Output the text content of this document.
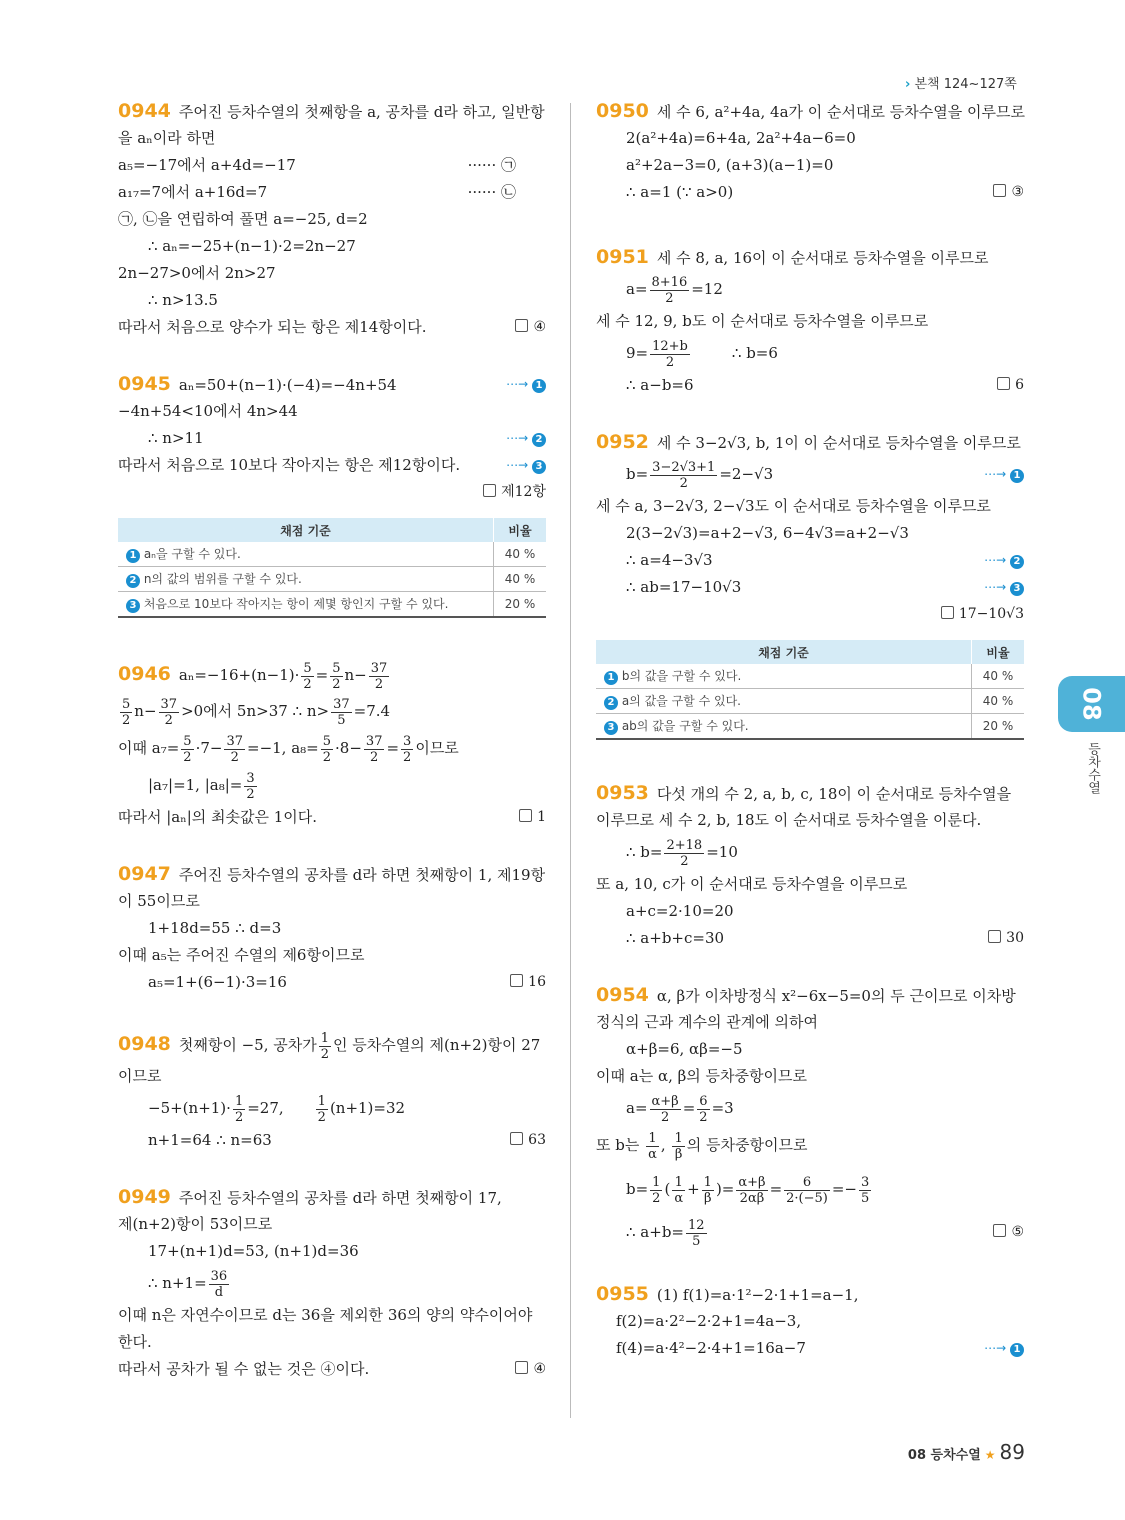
› 본책 124~127쪽
0944 주어진 등차수열의 첫째항을 a, 공차를 d라 하고, 일반항
을 aₙ이라 하면
a₅=−17에서 a+4d=−17	······ ㉠
a₁₇=7에서 a+16d=7	······ ㉡
㉠, ㉡을 연립하여 풀면 a=−25, d=2
∴ aₙ=−25+(n−1)·2=2n−27
2n−27>0에서 2n>27
∴ n>13.5
따라서 처음으로 양수가 되는 항은 제14항이다.	④
0945 aₙ=50+(n−1)·(−4)=−4n+54	⋯→ 1
−4n+54<10에서 4n>44
∴ n>11	⋯→ 2
따라서 처음으로 10보다 작아지는 항은 제12항이다.	⋯→ 3
제12항
채점 기준	비율
1 aₙ을 구할 수 있다.	40 %
2 n의 값의 범위를 구할 수 있다.	40 %
3 처음으로 10보다 작아지는 항이 제몇 항인지 구할 수 있다.	20 %
0946 $a_n=-16+(n-1)\cdot \frac{5}{2} = \frac{5}{2} n- \frac{37}{2}$
$\frac{5}{2} n- \frac{37}{2} >0$에서 5n>37 ∴ $n> \frac{37}{5} =7.4$
이때 $a_7= \frac{5}{2} \cdot 7- \frac{37}{2} =-1$, $a_8= \frac{5}{2} \cdot 8- \frac{37}{2} = \frac{3}{2}$ 이므로
|a₇|=1, $|a_8|= \frac{3}{2}$
따라서 |aₙ|의 최솟값은 1이다.	1
0947 주어진 등차수열의 공차를 d라 하면 첫째항이 1, 제19항
이 55이므로
1+18d=55 ∴ d=3
이때 a₅는 주어진 수열의 제6항이므로
a₅=1+(6−1)·3=16	16
0948 첫째항이 −5, 공차가 $\frac{1}{2}$ 인 등차수열의 제(n+2)항이 27
이므로
$-5+(n+1)\cdot \frac{1}{2} =27$, $\frac{1}{2} (n+1)=32$
n+1=64 ∴ n=63	63
0949 주어진 등차수열의 공차를 d라 하면 첫째항이 17,
제(n+2)항이 53이므로
17+(n+1)d=53, (n+1)d=36
∴ $n+1= \frac{36}{d}$
이때 n은 자연수이므로 d는 36을 제외한 36의 양의 약수이어야
한다.
따라서 공차가 될 수 없는 것은 ④이다.	④
0950 세 수 6, a²+4a, 4a가 이 순서대로 등차수열을 이루므로
2(a²+4a)=6+4a, 2a²+4a−6=0
a²+2a−3=0, (a+3)(a−1)=0
∴ a=1 (∵ a>0)	③
0951 세 수 8, a, 16이 이 순서대로 등차수열을 이루므로
$a= \frac{8+16}{2} =12$
세 수 12, 9, b도 이 순서대로 등차수열을 이루므로
$9= \frac{12+b}{2}$	∴ b=6
∴ a−b=6	6
0952 세 수 3−2√3, b, 1이 이 순서대로 등차수열을 이루므로
$b= \frac{3-2√3+1}{2} =2-√3$	⋯→ 1
세 수 a, 3−2√3, 2−√3도 이 순서대로 등차수열을 이루므로
2(3−2√3)=a+2−√3, 6−4√3=a+2−√3
∴ a=4−3√3	⋯→ 2
∴ ab=17−10√3	⋯→ 3
17−10√3
채점 기준	비율
1 b의 값을 구할 수 있다.	40 %
2 a의 값을 구할 수 있다.	40 %
3 ab의 값을 구할 수 있다.	20 %
0953 다섯 개의 수 2, a, b, c, 18이 이 순서대로 등차수열을
이루므로 세 수 2, b, 18도 이 순서대로 등차수열을 이룬다.
∴ $b= \frac{2+18}{2} =10$
또 a, 10, c가 이 순서대로 등차수열을 이루므로
a+c=2·10=20
∴ a+b+c=30	30
0954 α, β가 이차방정식 x²−6x−5=0의 두 근이므로 이차방
정식의 근과 계수의 관계에 의하여
α+β=6, αβ=−5
이때 a는 α, β의 등차중항이므로
$a= \frac{\alpha+\beta}{2} = \frac{6}{2} =3$
또 b는 $\frac{1}{\alpha}$ , $\frac{1}{\beta}$ 의 등차중항이므로
$b= \frac{1}{2}$ ( $\frac{1}{\alpha} + \frac{1}{\beta}$ )= $\frac{\alpha+\beta}{2\alpha\beta} = \frac{6}{2\cdot(-5)} =- \frac{3}{5}$
∴ $a+b= \frac{12}{5}$	⑤
0955 (1) f(1)=a·1²−2·1+1=a−1,
f(2)=a·2²−2·2+1=4a−3,
f(4)=a·4²−2·4+1=16a−7	⋯→ 1
08
등차수열
08 등차수열 ★ 89
